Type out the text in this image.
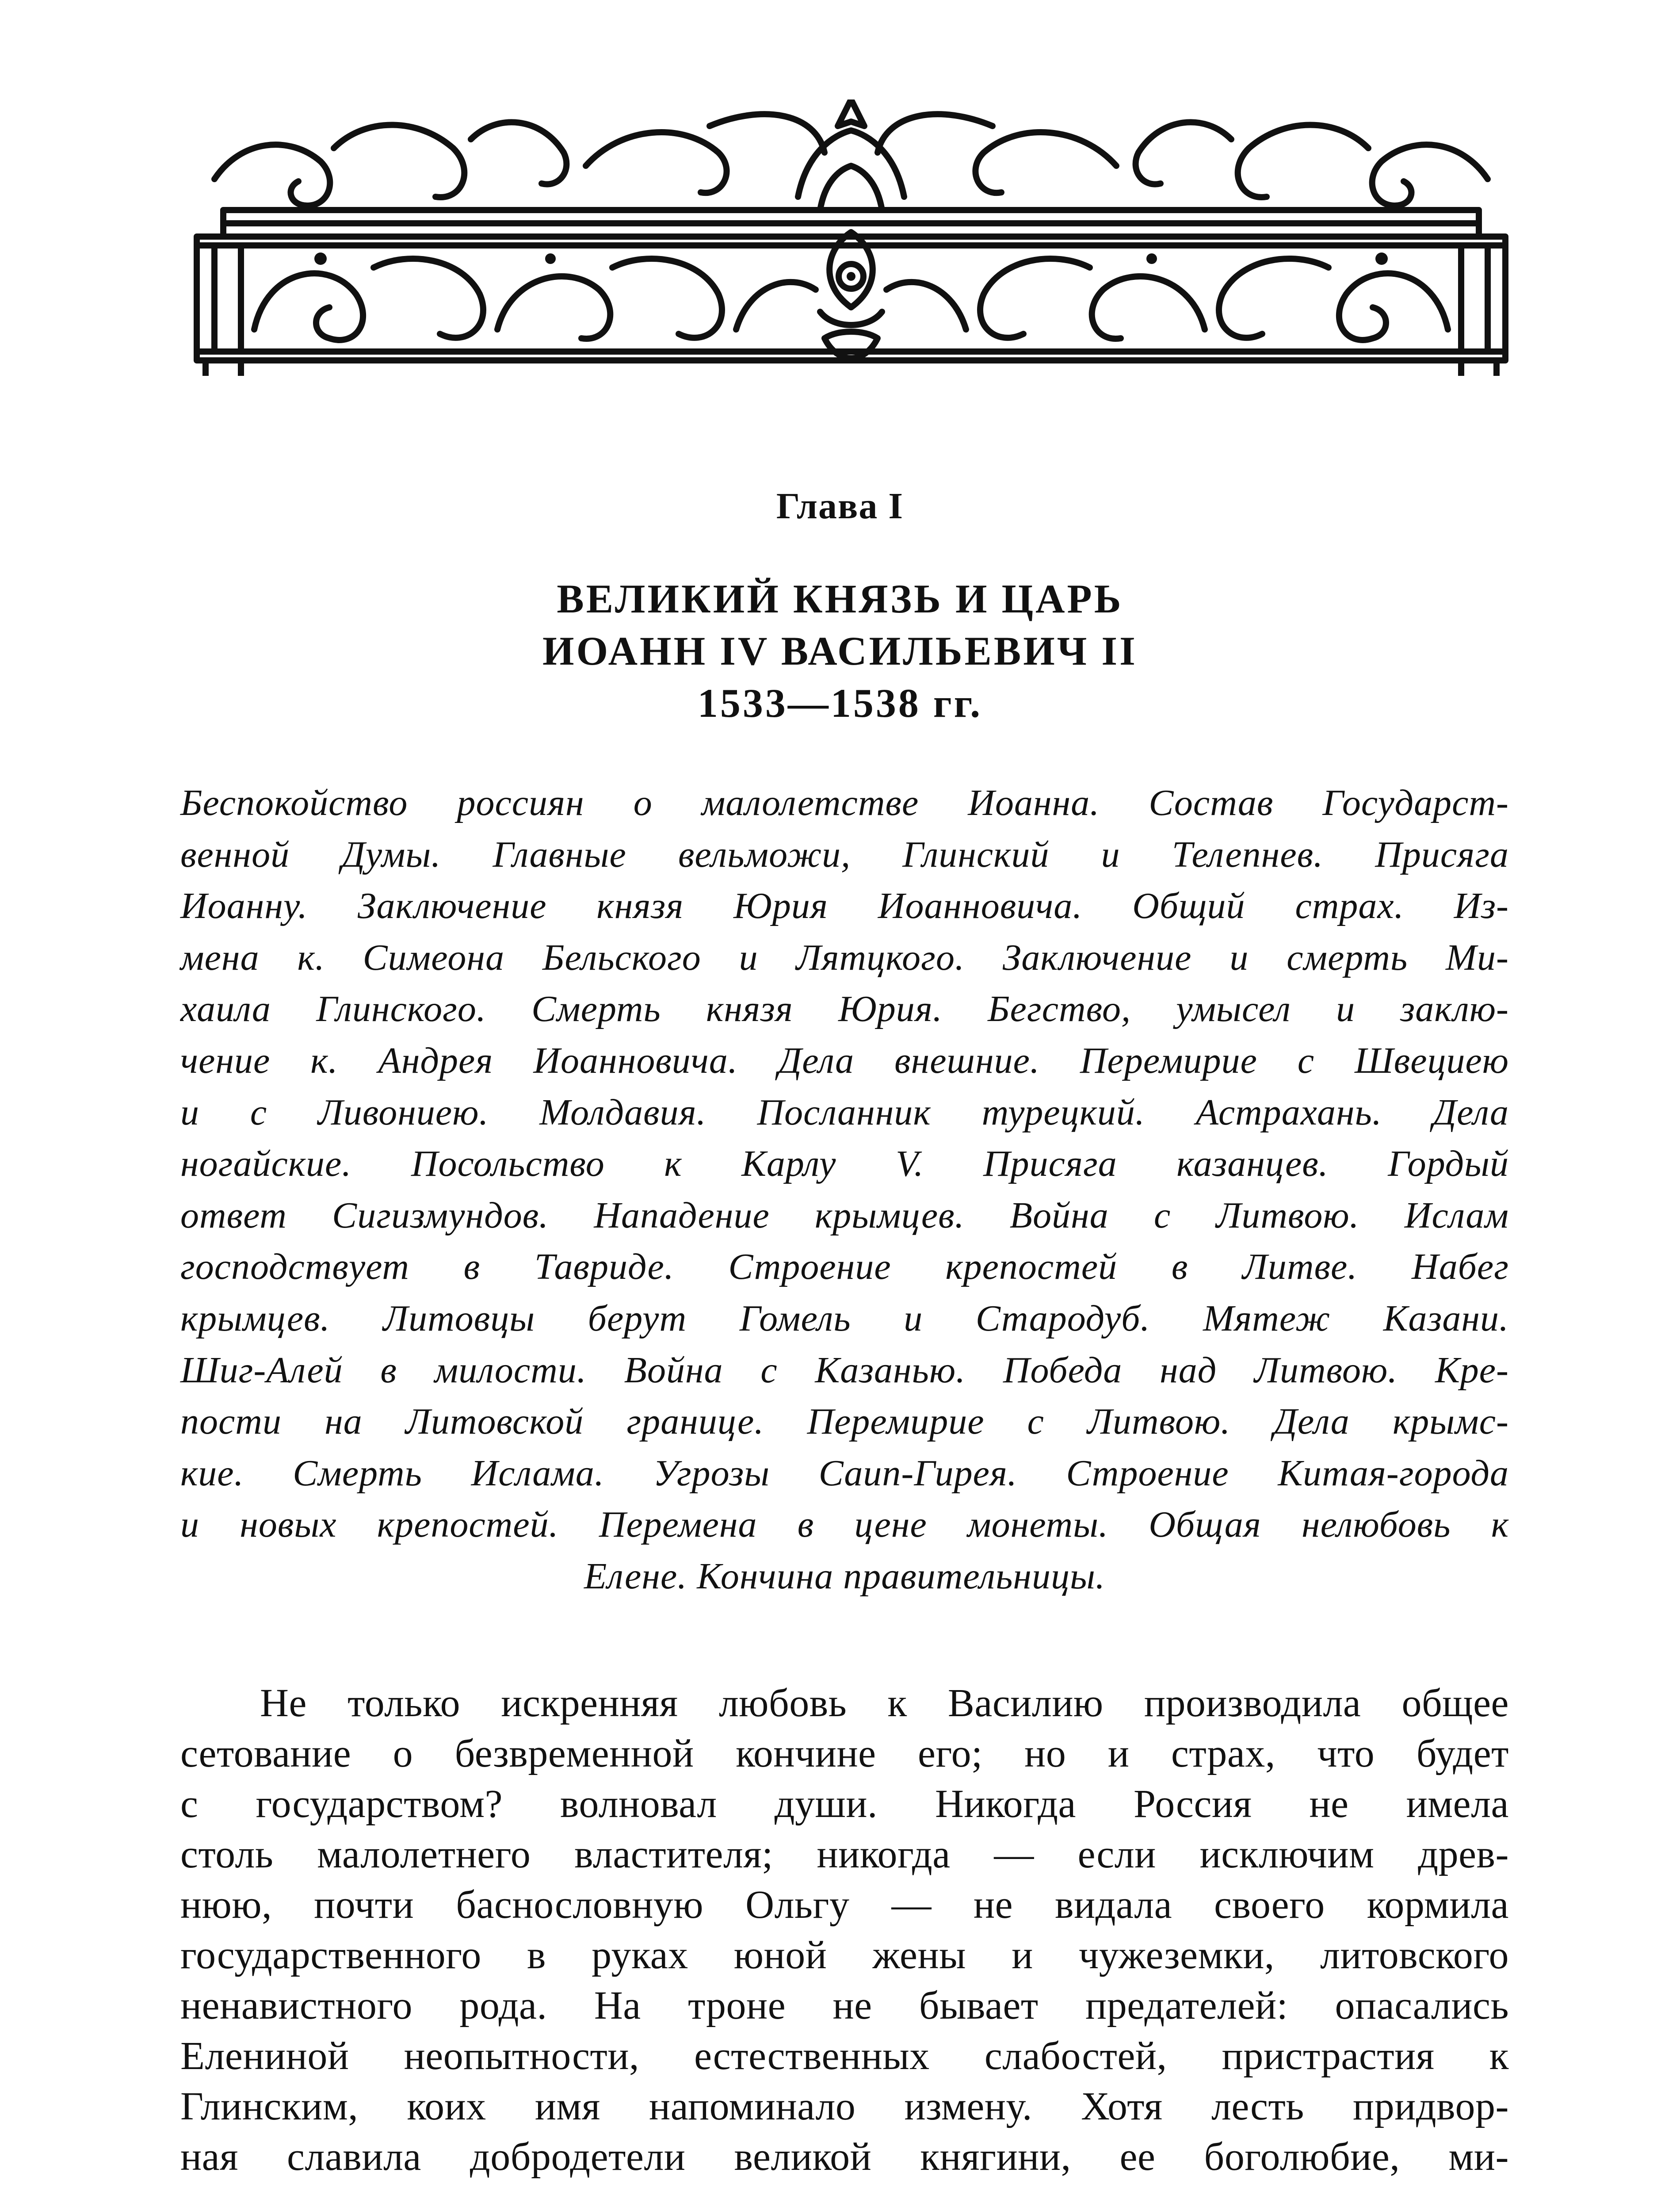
Глава I
ВЕЛИКИЙ КНЯЗЬ И ЦАРЬ
ИОАНН IV ВАСИЛЬЕВИЧ II
1533—1538 гг.
Беспокойство россиян о малолетстве Иоанна. Состав Государст-
венной Думы. Главные вельможи, Глинский и Телепнев. Присяга
Иоанну. Заключение князя Юрия Иоанновича. Общий страх. Из-
мена к. Симеона Бельского и Лятцкого. Заключение и смерть Ми-
хаила Глинского. Смерть князя Юрия. Бегство, умысел и заклю-
чение к. Андрея Иоанновича. Дела внешние. Перемирие с Швециею
и с Ливониею. Молдавия. Посланник турецкий. Астрахань. Дела
ногайские. Посольство к Карлу V. Присяга казанцев. Гордый
ответ Сигизмундов. Нападение крымцев. Война с Литвою. Ислам
господствует в Тавриде. Строение крепостей в Литве. Набег
крымцев. Литовцы берут Гомель и Стародуб. Мятеж Казани.
Шиг-Алей в милости. Война с Казанью. Победа над Литвою. Кре-
пости на Литовской границе. Перемирие с Литвою. Дела крымс-
кие. Смерть Ислама. Угрозы Саип-Гирея. Строение Китая-города
и новых крепостей. Перемена в цене монеты. Общая нелюбовь к
Елене. Кончина правительницы.
Не только искренняя любовь к Василию производила общее
сетование о безвременной кончине его; но и страх, что будет
с государством? волновал души. Никогда Россия не имела
столь малолетнего властителя; никогда — если исключим древ-
нюю, почти баснословную Ольгу — не видала своего кормила
государственного в руках юной жены и чужеземки, литовского
ненавистного рода. На троне не бывает предателей: опасались
Елениной неопытности, естественных слабостей, пристрастия к
Глинским, коих имя напоминало измену. Хотя лесть придвор-
ная славила добродетели великой княгини, ее боголюбие, ми-
